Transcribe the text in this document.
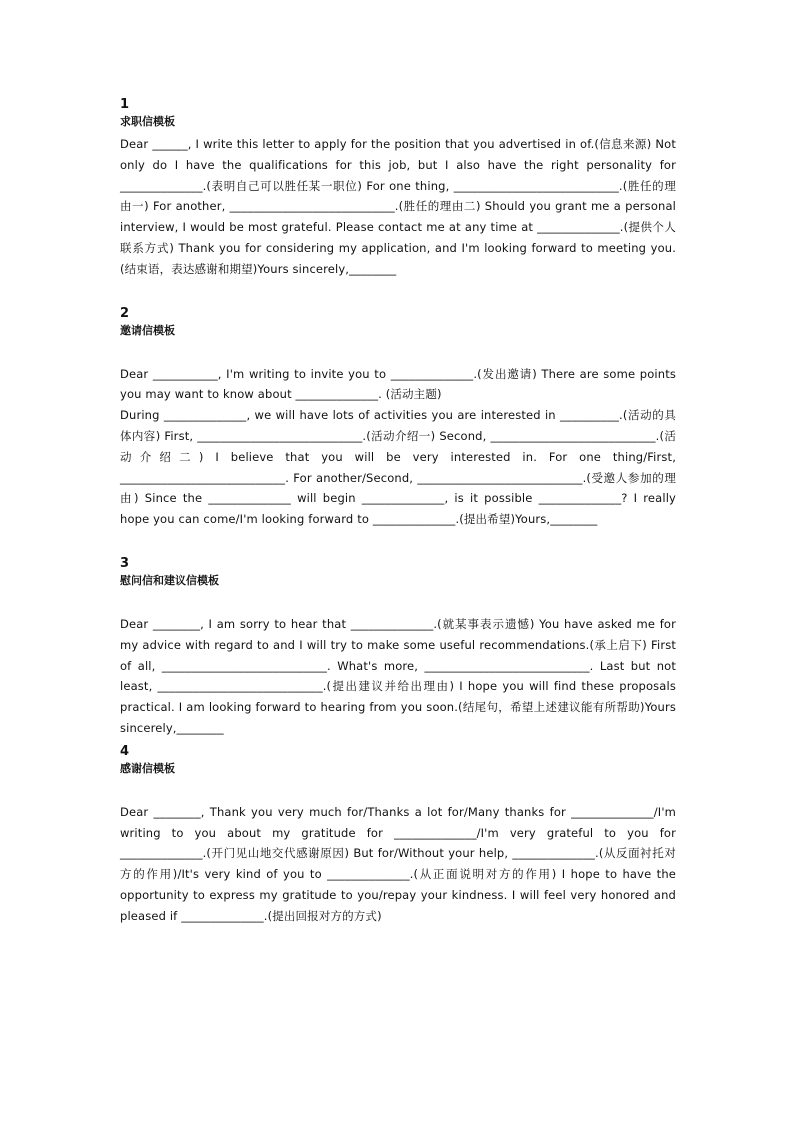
1
求职信模板

Dear ______, I write this letter to apply for the position that you advertised in of.(信息来源) Not only do I have the qualifications for this job, but I also have the right personality for ______________.(表明自己可以胜任某一职位) For one thing, ____________________________.(胜任的理由一) For another, ____________________________.(胜任的理由二) Should you grant me a personal interview, I would be most grateful. Please contact me at any time at ______________.(提供个人联系方式) Thank you for considering my application, and I'm looking forward to meeting you.(结束语，表达感谢和期望)Yours sincerely,________

2
邀请信模板

Dear ___________, I'm writing to invite you to ______________.(发出邀请) There are some points you may want to know about ______________. (活动主题)

During ______________, we will have lots of activities you are interested in __________.(活动的具体内容) First, ____________________________.(活动介绍一) Second, ____________________________.(活动介绍二) I believe that you will be very interested in. For one thing/First, ____________________________. For another/Second, ____________________________.(受邀人参加的理由) Since the ______________ will begin ______________, is it possible ______________? I really hope you can come/I'm looking forward to ______________.(提出希望)Yours,________

3
慰问信和建议信模板

Dear ________, I am sorry to hear that ______________.(就某事表示遗憾) You have asked me for my advice with regard to and I will try to make some useful recommendations.(承上启下) First of all, ____________________________. What's more, ____________________________. Last but not least, ____________________________.(提出建议并给出理由) I hope you will find these proposals practical. I am looking forward to hearing from you soon.(结尾句，希望上述建议能有所帮助)Yours sincerely,________

4
感谢信模板

Dear ________, Thank you very much for/Thanks a lot for/Many thanks for ______________/I'm writing to you about my gratitude for ______________/I'm very grateful to you for ______________.(开门见山地交代感谢原因) But for/Without your help, ______________.(从反面衬托对方的作用)/It's very kind of you to ______________.(从正面说明对方的作用) I hope to have the opportunity to express my gratitude to you/repay your kindness. I will feel very honored and pleased if ______________.(提出回报对方的方式)
